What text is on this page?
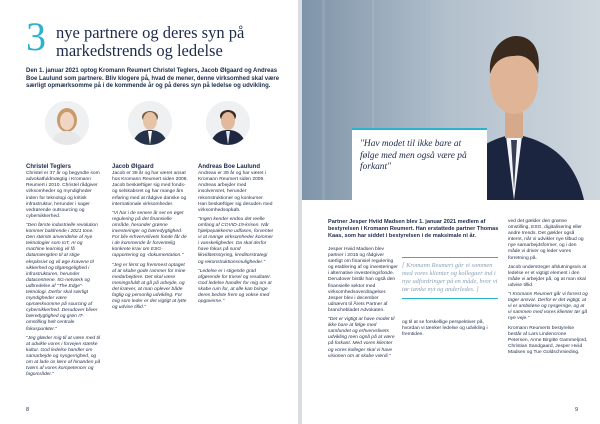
3 nye partnere og deres syn på markedstrends og ledelse
Den 1. januar 2021 optog Kromann Reumert Christel Teglers, Jacob Ølgaard og Andreas Boe Laulund som partnere. Bliv klogere på, hvad de mener, denne virksomhed skal være særligt opmærksomme på i de kommende år og på deres syn på ledelse og udvikling.
Christel Teglers
Christel er 37 år og begyndte som advokatfuldmægtig i Kromann Reumert i 2010. Christel rådgiver virksomheder og myndigheder inden for teknologi og kritisk infrastruktur, herunder i sager vedrørende outsourcing og cybersikkerhed.

"Den første industrielle revolution kommer baldrende i 2021 tone. Den største anvendelse af nye teknologier som IoT, AI og machine learning vil få datamængden til at stige eksplosivt og vil øge kravene til sikkerhed og tilgængelighed i infrastrukturen, herunder datacentrene. 5G-netværk og udbredelse af "The Edge"-teknologi. Derfor skal særligt myndigheder være opmærksomme på sourcing af cybersikkerhed. Derudover bliver bæredygtighed og grøn IT-omstilling helt centrale fokuspunkter."

"Jeg glæder mig til at være med til at udvikle vores i forvejen stærke kultur. God ledelse handler om samarbejde og nysgerrighed, og om at lade os lære af hinanden på tværs af vores kompetencer og fagområder."

Jacob Ølgaard
Jacob er 38 år og har været ansat hos Kromann Reumert siden 2008. Jacob beskæftiger sig med fonds- og selskabsret og har mange års erfaring med at rådgive danske og internationale virksomheder.

"Vi har i de senere år set en øget regulering på det finansielle område, herunder grønne investeringer og bæredygtighed. For bliv erhvervslivets fonde får de i de kommende år forventelig konkrete krav om ESG-rapportering og -dokumentation."

"Jeg er først og fremmest optaget af at skabe gode rammer for mine medarbejdere. Det skal være meningsfuldt at gå på arbejde, og det kræver, at man oplever både faglig og personlig udvikling. For mig som leder er det vigtigt at lytte og udvise tillid."

Andreas Boe Laulund
Andreas er 39 år og har været i Kromann Reumert siden 2009. Andreas arbejder med insolvensret, herunder rekonstruktioner og konkurser. Han beskæftiger sig desuden med virksomhedsopkøb.

"Ingen kender endnu det reelle omfang af COVID-19-krisen. Når hjælpepakkerne udfases, forventer vi at mange virksomheder kommer i vanskeligheder. Da skal derfor have fokus på sund likviditetsstyring, kreditorstrategi og rekonstruktionsmuligheder."

"Ledelse er i stigende grad afgørende for trivsel og resultater. God ledelse handler for mig om at skabe rum for, at alle kan bringe deres bedste frem og vokse med opgaverne."

8
"Hav modet til ikke bare at følge med men også være på forkant"
Partner Jesper Hviid Madsen blev 1. januar 2021 medlem af bestyrelsen i Kromann Reumert. Han erstattede partner Thomas Kaas, som har siddet i bestyrelsen i de maksimale ni år.

Jesper Hviid Madsen blev partner i 2015 og rådgiver særligt om finansiel regulering og etablering af og investeringer i alternative investeringsfonde. Derudover bistår han også den finansielle sektor med virksomhedsoverdragelser. Jesper blev i december udnævnt til Årets Partner af branchebladet Advokaten.

"Det er vigtigt at have modet til ikke bare at følge med samfundet og erhvervslivets udvikling men også på at være på forkant. Med vores klienter og vores kolleger skal vi have visionen om at skabe værdi."

[ Kromann Reumert går vi sammen med vores klienter og kollegaer ind i nye udfordringer på en måde, hvor vi tør tænke nyt og anderledes. ]

og til at se forskellige perspektiver på, hvordan vi tænker ledelse og udvikling i fremtiden.

ved det gælder den grønne omstilling, ESG, digitalisering eller andre trends. Det gælder også internt, når vi udvikler nye tilbud og nye samarbejdsformer, og i den måde vi driver og leder vores forretning på.

Jacob understreger afslutningsvis at ledelse er et vigtigt element i den måde vi arbejder på, og at man skal udvise tillid.

"I Kromann Reumert går vi forrest og tager ansvar. Derfor er det vigtigt, at vi er ambitiøse og nysgerrige, og at vi sammen med vores klienter tør gå nye veje."

Kromann Reumerts bestyrelse består af Lars Lindencrone Petersen, Anne Birgitte Gammeljord, Christian Sandgaard, Jesper Hviid Madsen og Tue Goldschmieding.

9
